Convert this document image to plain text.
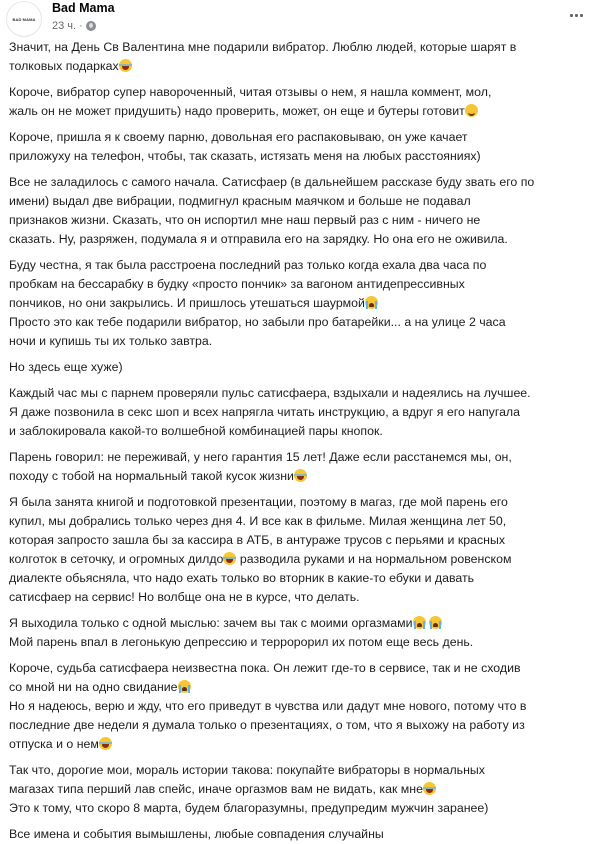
BAD MAMA
Bad Mama
23 ч. ·
Значит, на День Св Валентина мне подарили вибратор. Люблю людей, которые шарят в
толковых подарках
Короче, вибратор супер навороченный, читая отзывы о нем, я нашла коммент, мол,
жаль он не может придушить) надо проверить, может, он еще и бутеры готовит
Короче, пришла я к своему парню, довольная его распаковываю, он уже качает
приложуху на телефон, чтобы, так сказать, истязать меня на любых расстояниях)
Все не заладилось с самого начала. Сатисфаер (в дальнейшем рассказе буду звать его по
имени) выдал две вибрации, подмигнул красным маячком и больше не подавал
признаков жизни. Сказать, что он испортил мне наш первый раз с ним - ничего не
сказать. Ну, разряжен, подумала я и отправила его на зарядку. Но она его не оживила.
Буду честна, я так была расстроена последний раз только когда ехала два часа по
пробкам на бессарабку в будку «просто пончик» за вагоном антидепрессивных
пончиков, но они закрылись. И пришлось утешаться шаурмой
Просто это как тебе подарили вибратор, но забыли про батарейки... а на улице 2 часа
ночи и купишь ты их только завтра.
Но здесь еще хуже)
Каждый час мы с парнем проверяли пульс сатисфаера, вздыхали и надеялись на лучшее.
Я даже позвонила в секс шоп и всех напрягла читать инструкцию, а вдруг я его напугала
и заблокировала какой-то волшебной комбинацией пары кнопок.
Парень говорил: не переживай, у него гарантия 15 лет! Даже если расстанемся мы, он,
походу с тобой на нормальный такой кусок жизни
Я была занята книгой и подготовкой презентации, поэтому в магаз, где мой парень его
купил, мы добрались только через дня 4. И все как в фильме. Милая женщина лет 50,
которая запросто зашла бы за кассира в АТБ, в антураже трусов с перьями и красных
колготок в сеточку, и огромных дилдо разводила руками и на нормальном ровенском
диалекте обьясняла, что надо ехать только во вторник в какие-то ебуки и давать
сатисфаер на сервис! Но волбще она не в курсе, что делать.
Я выходила только с одной мыслью: зачем вы так с моими оргазмами
Мой парень впал в легонькую депрессию и терророрил их потом еще весь день.
Короче, судьба сатисфаера неизвестна пока. Он лежит где-то в сервисе, так и не сходив
со мной ни на одно свидание
Но я надеюсь, верю и жду, что его приведут в чувства или дадут мне нового, потому что в
последние две недели я думала только о презентациях, о том, что я выхожу на работу из
отпуска и о нем
Так что, дорогие мои, мораль истории такова: покупайте вибраторы в нормальных
магазах типа перший лав спейс, иначе оргазмов вам не видать, как мне
Это к тому, что скоро 8 марта, будем благоразумны, предупредим мужчин заранее)
Все имена и события вымышлены, любые совпадения случайны
